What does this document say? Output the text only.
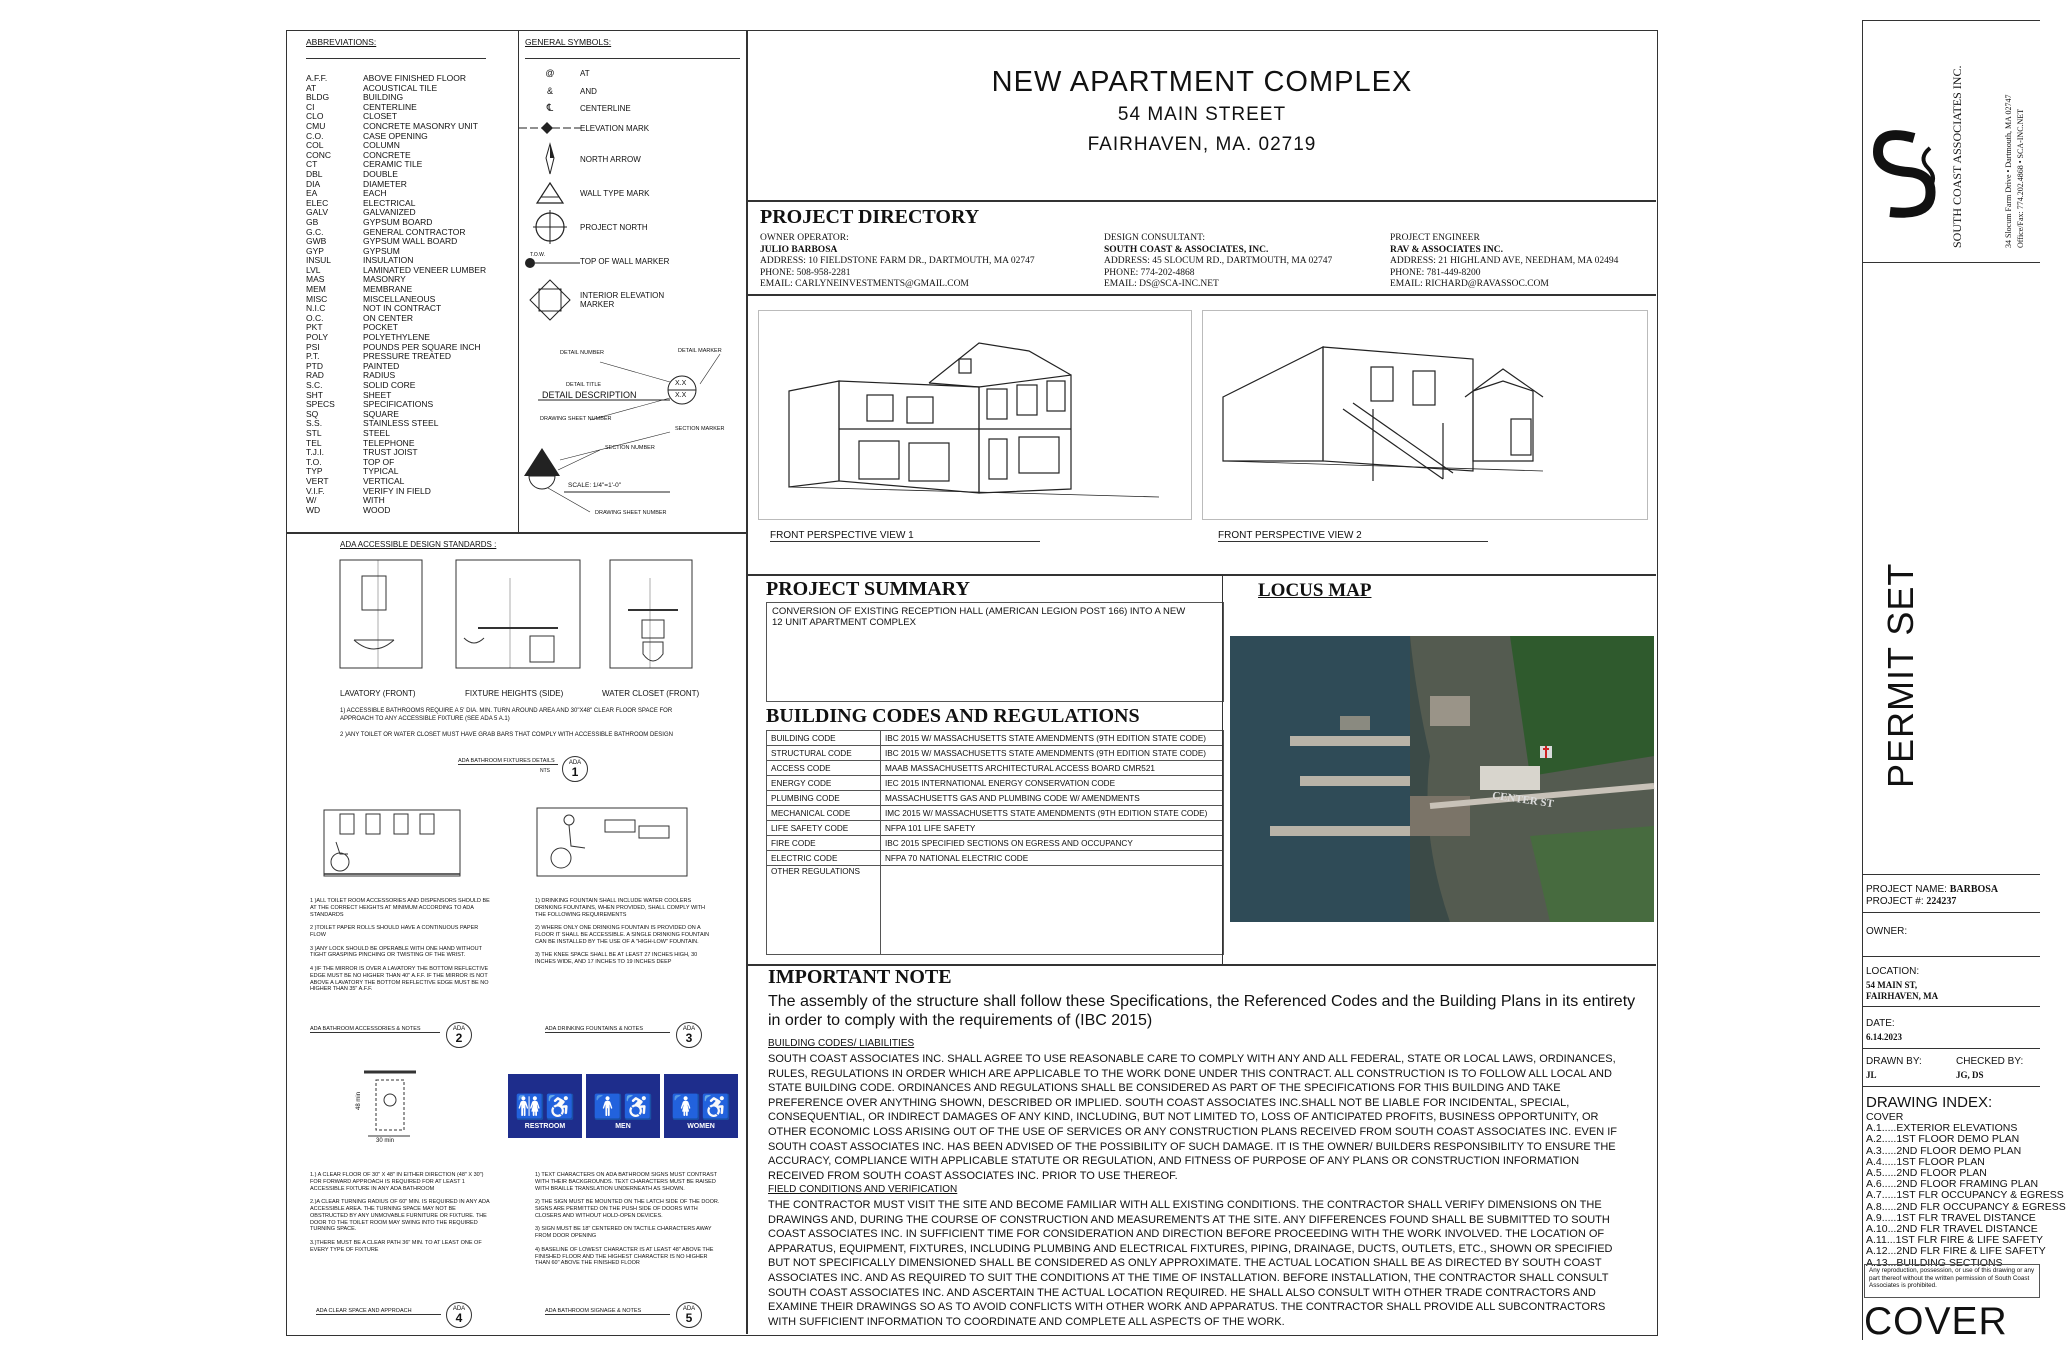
ABBREVIATIONS:
A.F.F.	ABOVE FINISHED FLOOR
AT	ACOUSTICAL TILE
BLDG	BUILDING
CI	CENTERLINE
CLO	CLOSET
CMU	CONCRETE MASONRY UNIT
C.O.	CASE OPENING
COL	COLUMN
CONC	CONCRETE
CT	CERAMIC TILE
DBL	DOUBLE
DIA	DIAMETER
EA	EACH
ELEC	ELECTRICAL
GALV	GALVANIZED
GB	GYPSUM BOARD
G.C.	GENERAL CONTRACTOR
GWB	GYPSUM WALL BOARD
GYP	GYPSUM
INSUL	INSULATION
LVL	LAMINATED VENEER LUMBER
MAS	MASONRY
MEM	MEMBRANE
MISC	MISCELLANEOUS
N.I.C	NOT IN CONTRACT
O.C.	ON CENTER
PKT	POCKET
POLY	POLYETHYLENE
PSI	POUNDS PER SQUARE INCH
P.T.	PRESSURE TREATED
PTD	PAINTED
RAD	RADIUS
S.C.	SOLID CORE
SHT	SHEET
SPECS	SPECIFICATIONS
SQ	SQUARE
S.S.	STAINLESS STEEL
STL	STEEL
TEL	TELEPHONE
T.J.I.	TRUST JOIST
T.O.	TOP OF
TYP	TYPICAL
VERT	VERTICAL
V.I.F.	VERIFY IN FIELD
W/	WITH
WD	WOOD
GENERAL SYMBOLS:
@	AT
&	AND
℄	CENTERLINE
ELEVATION MARK
NORTH ARROW
WALL TYPE MARK
PROJECT NORTH
T.O.W.
TOP OF WALL MARKER
INTERIOR ELEVATION MARKER
DETAIL NUMBER	DETAIL MARKER
DETAIL TITLE
DETAIL DESCRIPTION
X.X
X.X
DRAWING SHEET NUMBER
SECTION MARKER
SECTION NUMBER
SCALE: 1/4"=1'-0"
DRAWING SHEET NUMBER
ADA ACCESSIBLE DESIGN STANDARDS :
LAVATORY (FRONT)	FIXTURE HEIGHTS (SIDE)	WATER CLOSET (FRONT)
1) ACCESSIBLE BATHROOMS REQUIRE A 5' DIA. MIN. TURN AROUND AREA AND 30"X48" CLEAR FLOOR SPACE FOR APPROACH TO ANY ACCESSIBLE FIXTURE (SEE ADA 5 A.1)
2 )ANY TOILET OR WATER CLOSET MUST HAVE GRAB BARS THAT COMPLY WITH ACCESSIBLE BATHROOM DESIGN
ADA BATHROOM FIXTURES DETAILS	ADA
1
NTS
1 )ALL TOILET ROOM ACCESSORIES AND DISPENSORS SHOULD BE AT THE CORRECT HEIGHTS AT MINIMUM ACCORDING TO ADA STANDARDS

2 )TOILET PAPER ROLLS SHOULD HAVE A CONTINUOUS PAPER FLOW

3 )ANY LOCK SHOULD BE OPERABLE WITH ONE HAND WITHOUT TIGHT GRASPING PINCHING OR TWISTING OF THE WRIST.

4 )IF THE MIRROR IS OVER A LAVATORY THE BOTTOM REFLECTIVE EDGE MUST BE NO HIGHER THAN 40" A.F.F. IF THE MIRROR IS NOT ABOVE A LAVATORY THE BOTTOM REFLECTIVE EDGE MUST BE NO HIGHER THAN 35" A.F.F.
ADA BATHROOM ACCESSORIES & NOTES	ADA
2
1) DRINKING FOUNTAIN SHALL INCLUDE WATER COOLERS DRINKING FOUNTAINS, WHEN PROVIDED, SHALL COMPLY WITH THE FOLLOWING REQUIREMENTS

2) WHERE ONLY ONE DRINKING FOUNTAIN IS PROVIDED ON A FLOOR IT SHALL BE ACCESSIBLE. A SINGLE DRINKING FOUNTAIN CAN BE INSTALLED BY THE USE OF A "HIGH-LOW" FOUNTAIN.

3) THE KNEE SPACE SHALL BE AT LEAST 27 INCHES HIGH, 30 INCHES WIDE, AND 17 INCHES TO 19 INCHES DEEP
ADA DRINKING FOUNTAINS & NOTES	ADA
3
48 min
30 min
🚻♿
RESTROOM
🚹♿
MEN
🚺♿
WOMEN
1.) A CLEAR FLOOR OF 30" X 48" IN EITHER DIRECTION (48" X 30") FOR FORWARD APPROACH IS REQUIRED FOR AT LEAST 1 ACCESSIBLE FIXTURE IN ANY ADA BATHROOM

2.)A CLEAR TURNING RADIUS OF 60" MIN. IS REQUIRED IN ANY ADA ACCESSIBLE AREA. THE TURNING SPACE MAY NOT BE OBSTRUCTED BY ANY UNMOVABLE FURNITURE OR FIXTURE. THE DOOR TO THE TOILET ROOM MAY SWING INTO THE REQUIRED TURNING SPACE.

3.)THERE MUST BE A CLEAR PATH 36" MIN. TO AT LEAST ONE OF EVERY TYPE OF FIXTURE
ADA CLEAR SPACE AND APPROACH	ADA
4
1) TEXT CHARACTERS ON ADA BATHROOM SIGNS MUST CONTRAST WITH THEIR BACKGROUNDS. TEXT CHARACTERS MUST BE RAISED WITH BRAILLE TRANSLATION UNDERNEATH AS SHOWN.

2) THE SIGN MUST BE MOUNTED ON THE LATCH SIDE OF THE DOOR. SIGNS ARE PERMITTED ON THE PUSH SIDE OF DOORS WITH CLOSERS AND WITHOUT HOLD-OPEN DEVICES.

3) SIGN MUST BE 18" CENTERED ON TACTILE CHARACTERS AWAY FROM DOOR OPENING

4) BASELINE OF LOWEST CHARACTER IS AT LEAST 48" ABOVE THE FINISHED FLOOR AND THE HIGHEST CHARACTER IS NO HIGHER THAN 60" ABOVE THE FINISHED FLOOR
ADA BATHROOM SIGNAGE & NOTES	ADA
5
NEW APARTMENT COMPLEX
54 MAIN STREET
FAIRHAVEN, MA. 02719
PROJECT DIRECTORY
OWNER OPERATOR:
JULIO BARBOSA
ADDRESS: 10 FIELDSTONE FARM DR., DARTMOUTH, MA 02747
PHONE: 508-958-2281
EMAIL: CARLYNEINVESTMENTS@GMAIL.COM
DESIGN CONSULTANT:
SOUTH COAST & ASSOCIATES, INC.
ADDRESS: 45 SLOCUM RD., DARTMOUTH, MA 02747
PHONE: 774-202-4868
EMAIL: DS@SCA-INC.NET
PROJECT ENGINEER
RAV & ASSOCIATES INC.
ADDRESS: 21 HIGHLAND AVE, NEEDHAM, MA 02494
PHONE: 781-449-8200
EMAIL: RICHARD@RAVASSOC.COM
FRONT PERSPECTIVE VIEW 1	FRONT PERSPECTIVE VIEW 2
PROJECT SUMMARY
CONVERSION OF EXISTING RECEPTION HALL (AMERICAN LEGION POST 166) INTO A NEW 12 UNIT APARTMENT COMPLEX
BUILDING CODES AND REGULATIONS
BUILDING CODE	IBC 2015 W/ MASSACHUSETTS STATE AMENDMENTS (9TH EDITION STATE CODE)
STRUCTURAL CODE	IBC 2015 W/ MASSACHUSETTS STATE AMENDMENTS (9TH EDITION STATE CODE)
ACCESS CODE	MAAB MASSACHUSETTS ARCHITECTURAL ACCESS BOARD CMR521
ENERGY CODE	IEC 2015 INTERNATIONAL ENERGY CONSERVATION CODE
PLUMBING CODE	MASSACHUSETTS GAS AND PLUMBING CODE W/ AMENDMENTS
MECHANICAL CODE	IMC 2015 W/ MASSACHUSETTS STATE AMENDMENTS (9TH EDITION STATE CODE)
LIFE SAFETY CODE	NFPA 101 LIFE SAFETY
FIRE CODE	IBC 2015 SPECIFIED SECTIONS ON EGRESS AND OCCUPANCY
ELECTRIC CODE	NFPA 70 NATIONAL ELECTRIC CODE
OTHER REGULATIONS	
LOCUS MAP
CENTER ST
IMPORTANT NOTE
The assembly of the structure shall follow these Specifications, the Referenced Codes and the Building Plans in its entirety in order to comply with the requirements of (IBC 2015)
BUILDING CODES/ LIABILITIES

SOUTH COAST ASSOCIATES INC. SHALL AGREE TO USE REASONABLE CARE TO COMPLY WITH ANY AND ALL FEDERAL, STATE OR LOCAL LAWS, ORDINANCES, RULES, REGULATIONS IN ORDER WHICH ARE APPLICABLE TO THE WORK DONE UNDER THIS CONTRACT. ALL CONSTRUCTION IS TO FOLLOW ALL LOCAL AND STATE BUILDING CODE. ORDINANCES AND REGULATIONS SHALL BE CONSIDERED AS PART OF THE SPECIFICATIONS FOR THIS BUILDING AND TAKE PREFERENCE OVER ANYTHING SHOWN, DESCRIBED OR IMPLIED. SOUTH COAST ASSOCIATES INC.SHALL NOT BE LIABLE FOR INCIDENTAL, SPECIAL, CONSEQUENTIAL, OR INDIRECT DAMAGES OF ANY KIND, INCLUDING, BUT NOT LIMITED TO, LOSS OF ANTICIPATED PROFITS, BUSINESS OPPORTUNITY, OR OTHER ECONOMIC LOSS ARISING OUT OF THE USE OF SERVICES OR ANY CONSTRUCTION PLANS RECEIVED FROM SOUTH COAST ASSOCIATES INC. EVEN IF SOUTH COAST ASSOCIATES INC. HAS BEEN ADVISED OF THE POSSIBILITY OF SUCH DAMAGE. IT IS THE OWNER/ BUILDERS RESPONSIBILITY TO ENSURE THE ACCURACY, COMPLIANCE WITH APPLICABLE STATUTE OR REGULATION, AND FITNESS OF PURPOSE OF ANY PLANS OR CONSTRUCTION INFORMATION RECEIVED FROM SOUTH COAST ASSOCIATES INC. PRIOR TO USE THEREOF.

FIELD CONDITIONS AND VERIFICATION

THE CONTRACTOR MUST VISIT THE SITE AND BECOME FAMILIAR WITH ALL EXISTING CONDITIONS. THE CONTRACTOR SHALL VERIFY DIMENSIONS ON THE DRAWINGS AND, DURING THE COURSE OF CONSTRUCTION AND MEASUREMENTS AT THE SITE. ANY DIFFERENCES FOUND SHALL BE SUBMITTED TO SOUTH COAST ASSOCIATES INC. IN SUFFICIENT TIME FOR CONSIDERATION AND DIRECTION BEFORE PROCEEDING WITH THE WORK INVOLVED. THE LOCATION OF APPARATUS, EQUIPMENT, FIXTURES, INCLUDING PLUMBING AND ELECTRICAL FIXTURES, PIPING, DRAINAGE, DUCTS, OUTLETS, ETC., SHOWN OR SPECIFIED BUT NOT SPECIFICALLY DIMENSIONED SHALL BE CONSIDERED AS ONLY APPROXIMATE. THE ACTUAL LOCATION SHALL BE AS DIRECTED BY SOUTH COAST ASSOCIATES INC. AND AS REQUIRED TO SUIT THE CONDITIONS AT THE TIME OF INSTALLATION. BEFORE INSTALLATION, THE CONTRACTOR SHALL CONSULT SOUTH COAST ASSOCIATES INC. AND ASCERTAIN THE ACTUAL LOCATION REQUIRED. HE SHALL ALSO CONSULT WITH OTHER TRADE CONTRACTORS AND EXAMINE THEIR DRAWINGS SO AS TO AVOID CONFLICTS WITH OTHER WORK AND APPARATUS. THE CONTRACTOR SHALL PROVIDE ALL SUBCONTRACTORS WITH SUFFICIENT INFORMATION TO COORDINATE AND COMPLETE ALL ASPECTS OF THE WORK.

SOUTH COAST ASSOCIATES INC.	34 Slocum Farm Drive • Dartmouth, MA 02747 Office/Fax: 774.202.4868 • SCA-INC.NET
PERMIT SET
PROJECT NAME: BARBOSA
PROJECT #: 224237
OWNER:
LOCATION:
54 MAIN ST,
FAIRHAVEN, MA
DATE:
6.14.2023
DRAWN BY:
JL
CHECKED BY:
JG, DS
DRAWING INDEX:
COVER
A.1.....EXTERIOR ELEVATIONS
A.2.....1ST FLOOR DEMO PLAN
A.3.....2ND FLOOR DEMO PLAN
A.4.....1ST FLOOR PLAN
A.5.....2ND FLOOR PLAN
A.6.....2ND FLOOR FRAMING PLAN
A.7.....1ST FLR OCCUPANCY & EGRESS
A.8.....2ND FLR OCCUPANCY & EGRESS
A.9.....1ST FLR TRAVEL DISTANCE
A.10...2ND FLR TRAVEL DISTANCE
A.11...1ST FLR FIRE & LIFE SAFETY
A.12...2ND FLR FIRE & LIFE SAFETY
A.13...BUILDING SECTIONS
Any reproduction, possession, or use of this drawing or any part thereof without the written permission of South Coast Associates is prohibited.
COVER
